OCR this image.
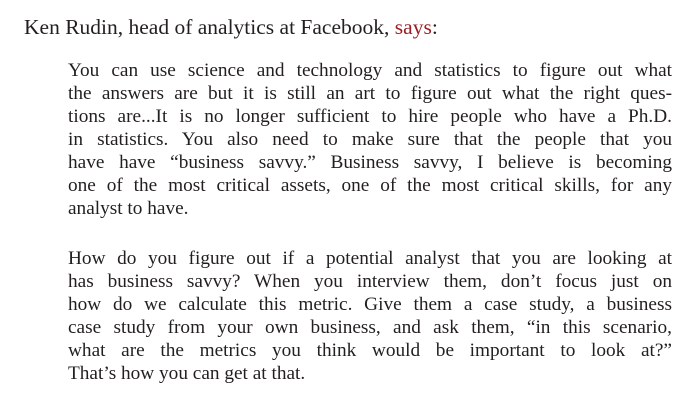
Ken Rudin, head of analytics at Facebook, says:

You can use science and technology and statistics to figure out what
the answers are but it is still an art to figure out what the right ques-
tions are...It is no longer sufficient to hire people who have a Ph.D.
in statistics. You also need to make sure that the people that you
have have “business savvy.” Business savvy, I believe is becoming
one of the most critical assets, one of the most critical skills, for any
analyst to have.
How do you figure out if a potential analyst that you are looking at
has business savvy? When you interview them, don’t focus just on
how do we calculate this metric. Give them a case study, a business
case study from your own business, and ask them, “in this scenario,
what are the metrics you think would be important to look at?”
That’s how you can get at that.
